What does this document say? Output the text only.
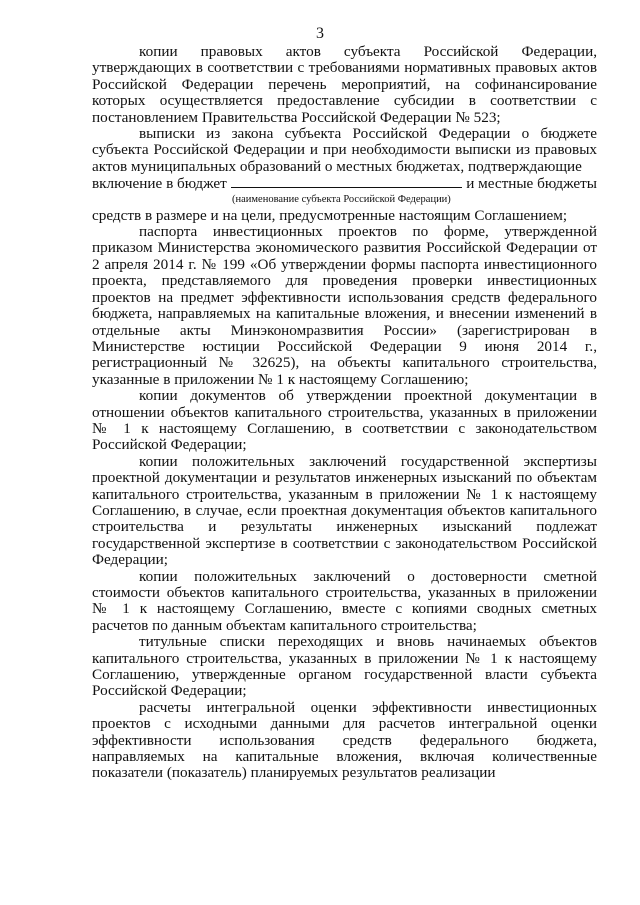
3

копии правовых актов субъекта Российской Федерации, утверждающих в соответствии с требованиями нормативных правовых актов Российской Федерации перечень мероприятий, на софинансирование которых осуществляется предоставление субсидии в соответствии с постановлением Правительства Российской Федерации № 523;

выписки из закона субъекта Российской Федерации о бюджете субъекта Российской Федерации и при необходимости выписки из правовых актов муниципальных образований о местных бюджетах, подтверждающие

включение в бюджет	и местные бюджеты

(наименование субъекта Российской Федерации)

средств в размере и на цели, предусмотренные настоящим Соглашением;

паспорта инвестиционных проектов по форме, утвержденной приказом Министерства экономического развития Российской Федерации от 2 апреля 2014 г. № 199 «Об утверждении формы паспорта инвестиционного проекта, представляемого для проведения проверки инвестиционных проектов на предмет эффективности использования средств федерального бюджета, направляемых на капитальные вложения, и внесении изменений в отдельные акты Минэкономразвития России» (зарегистрирован в Министерстве юстиции Российской Федерации 9 июня 2014 г., регистрационный № 32625), на объекты капитального строительства, указанные в приложении № 1 к настоящему Соглашению;

копии документов об утверждении проектной документации в отношении объектов капитального строительства, указанных в приложении № 1 к настоящему Соглашению, в соответствии с законодательством Российской Федерации;

копии положительных заключений государственной экспертизы проектной документации и результатов инженерных изысканий по объектам капитального строительства, указанным в приложении № 1 к настоящему Соглашению, в случае, если проектная документация объектов капитального строительства и результаты инженерных изысканий подлежат государственной экспертизе в соответствии с законодательством Российской Федерации;

копии положительных заключений о достоверности сметной стоимости объектов капитального строительства, указанных в приложении № 1 к настоящему Соглашению, вместе с копиями сводных сметных расчетов по данным объектам капитального строительства;

титульные списки переходящих и вновь начинаемых объектов капитального строительства, указанных в приложении № 1 к настоящему Соглашению, утвержденные органом государственной власти субъекта Российской Федерации;

расчеты интегральной оценки эффективности инвестиционных проектов с исходными данными для расчетов интегральной оценки эффективности использования средств федерального бюджета, направляемых на капитальные вложения, включая количественные показатели (показатель) планируемых результатов реализации
